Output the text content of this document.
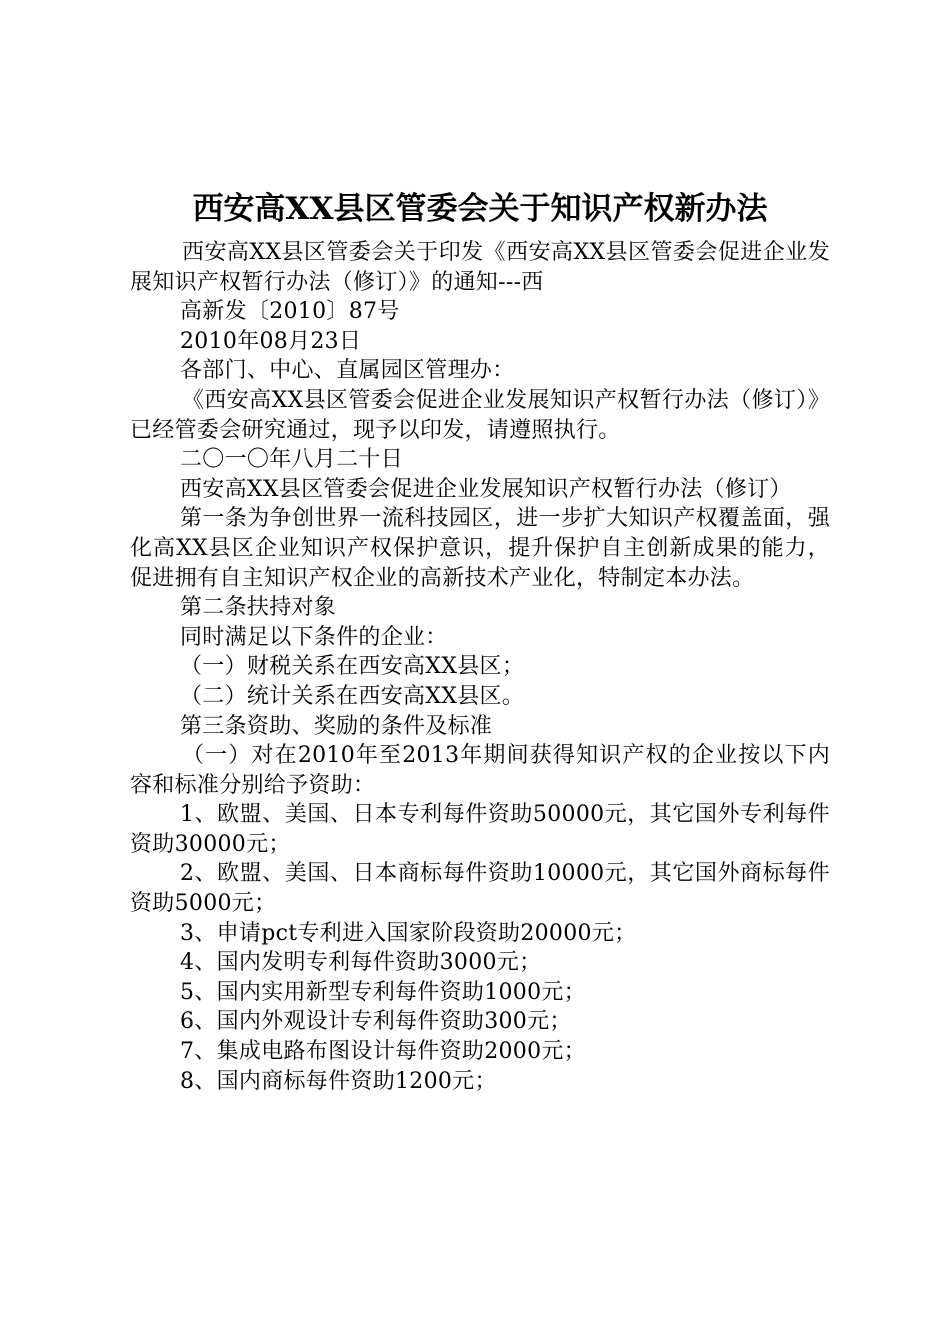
西安高XX县区管委会关于知识产权新办法

西安高XX县区管委会关于印发《西安高XX县区管委会促进企业发展知识产权暂行办法（修订）》的通知---西

高新发〔2010〕87号

2010年08月23日

各部门、中心、直属园区管理办：

《西安高XX县区管委会促进企业发展知识产权暂行办法（修订）》已经管委会研究通过，现予以印发，请遵照执行。

二〇一〇年八月二十日

西安高XX县区管委会促进企业发展知识产权暂行办法（修订）

第一条为争创世界一流科技园区，进一步扩大知识产权覆盖面，强化高XX县区企业知识产权保护意识，提升保护自主创新成果的能力，促进拥有自主知识产权企业的高新技术产业化，特制定本办法。

第二条扶持对象

同时满足以下条件的企业：

（一）财税关系在西安高XX县区；

（二）统计关系在西安高XX县区。

第三条资助、奖励的条件及标准

（一）对在2010年至2013年期间获得知识产权的企业按以下内容和标准分别给予资助：

1、欧盟、美国、日本专利每件资助50000元，其它国外专利每件资助30000元；

2、欧盟、美国、日本商标每件资助10000元，其它国外商标每件资助5000元；

3、申请pct专利进入国家阶段资助20000元；

4、国内发明专利每件资助3000元；

5、国内实用新型专利每件资助1000元；

6、国内外观设计专利每件资助300元；

7、集成电路布图设计每件资助2000元；

8、国内商标每件资助1200元；
